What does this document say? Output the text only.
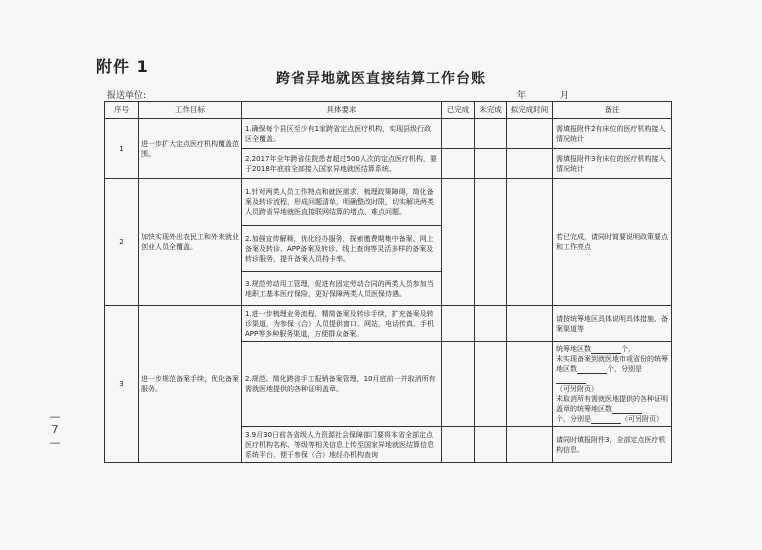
附件 1
跨省异地就医直接结算工作台账
报送单位:	年	月
— 7 —
序号	工作目标	具体要求	已完成	未完成	拟完成时间	备注
1	进一步扩大定点医疗机构覆盖范围。	1.确保每个县区至少有1家跨省定点医疗机构，实现县级行政区全覆盖。				需填报附件2有床位的医疗机构接入情况统计
		2.2017年全年跨省住院患者超过500人次的定点医疗机构，要于2018年底前全部接入国家异地就医结算系统。				需填报附件3有床位的医疗机构接入情况统计
2	加快实现外出农民工和外来就业创业人员全覆盖。	1.针对两类人员工作特点和就医需求，梳理政策障碍，简化备案及转诊流程，形成问题清单，明确整改时限，切实解决两类人员跨省异地就医直接联网结算的堵点、难点问题。				若已完成，请同时简要说明政策要点和工作亮点
		2.加强宣传解释，优化经办服务，探索缴费期集中备案、网上备案及转诊、APP备案及转诊、线上查询等灵活多样的备案及转诊服务，提升备案人员持卡率。				
		3.规范劳动用工管理，促进有固定劳动合同的两类人员参加当地职工基本医疗保险，更好保障两类人员医保待遇。				
3	进一步规范备案手续，优化备案服务。	1.进一步梳理业务流程，精简备案及转诊手续，扩充备案及转诊渠道，为参保（合）人员提供窗口、网站、电话传真、手机APP等多种服务渠道，方便群众备案。				请按统筹地区具体说明具体措施、备案渠道等
		2.规范、简化跨省手工报销备案管理，10月底前一并取消所有需就医地提供的各种证明盖章。				统筹地区数 个，
未实现备案到就医地市或省份的统筹地区数 个，分别是
（可另附页）
未取消所有需就医地提供的各种证明盖章的统筹地区数
个，分别是 （可另附页）
		3.9月30日前各省级人力资源社会保障部门要将本省全部定点医疗机构名称、等级等相关信息上传至国家异地就医结算信息系统平台，便于参保（合）地经办机构查询				请同时填报附件3，全部定点医疗机构信息。
